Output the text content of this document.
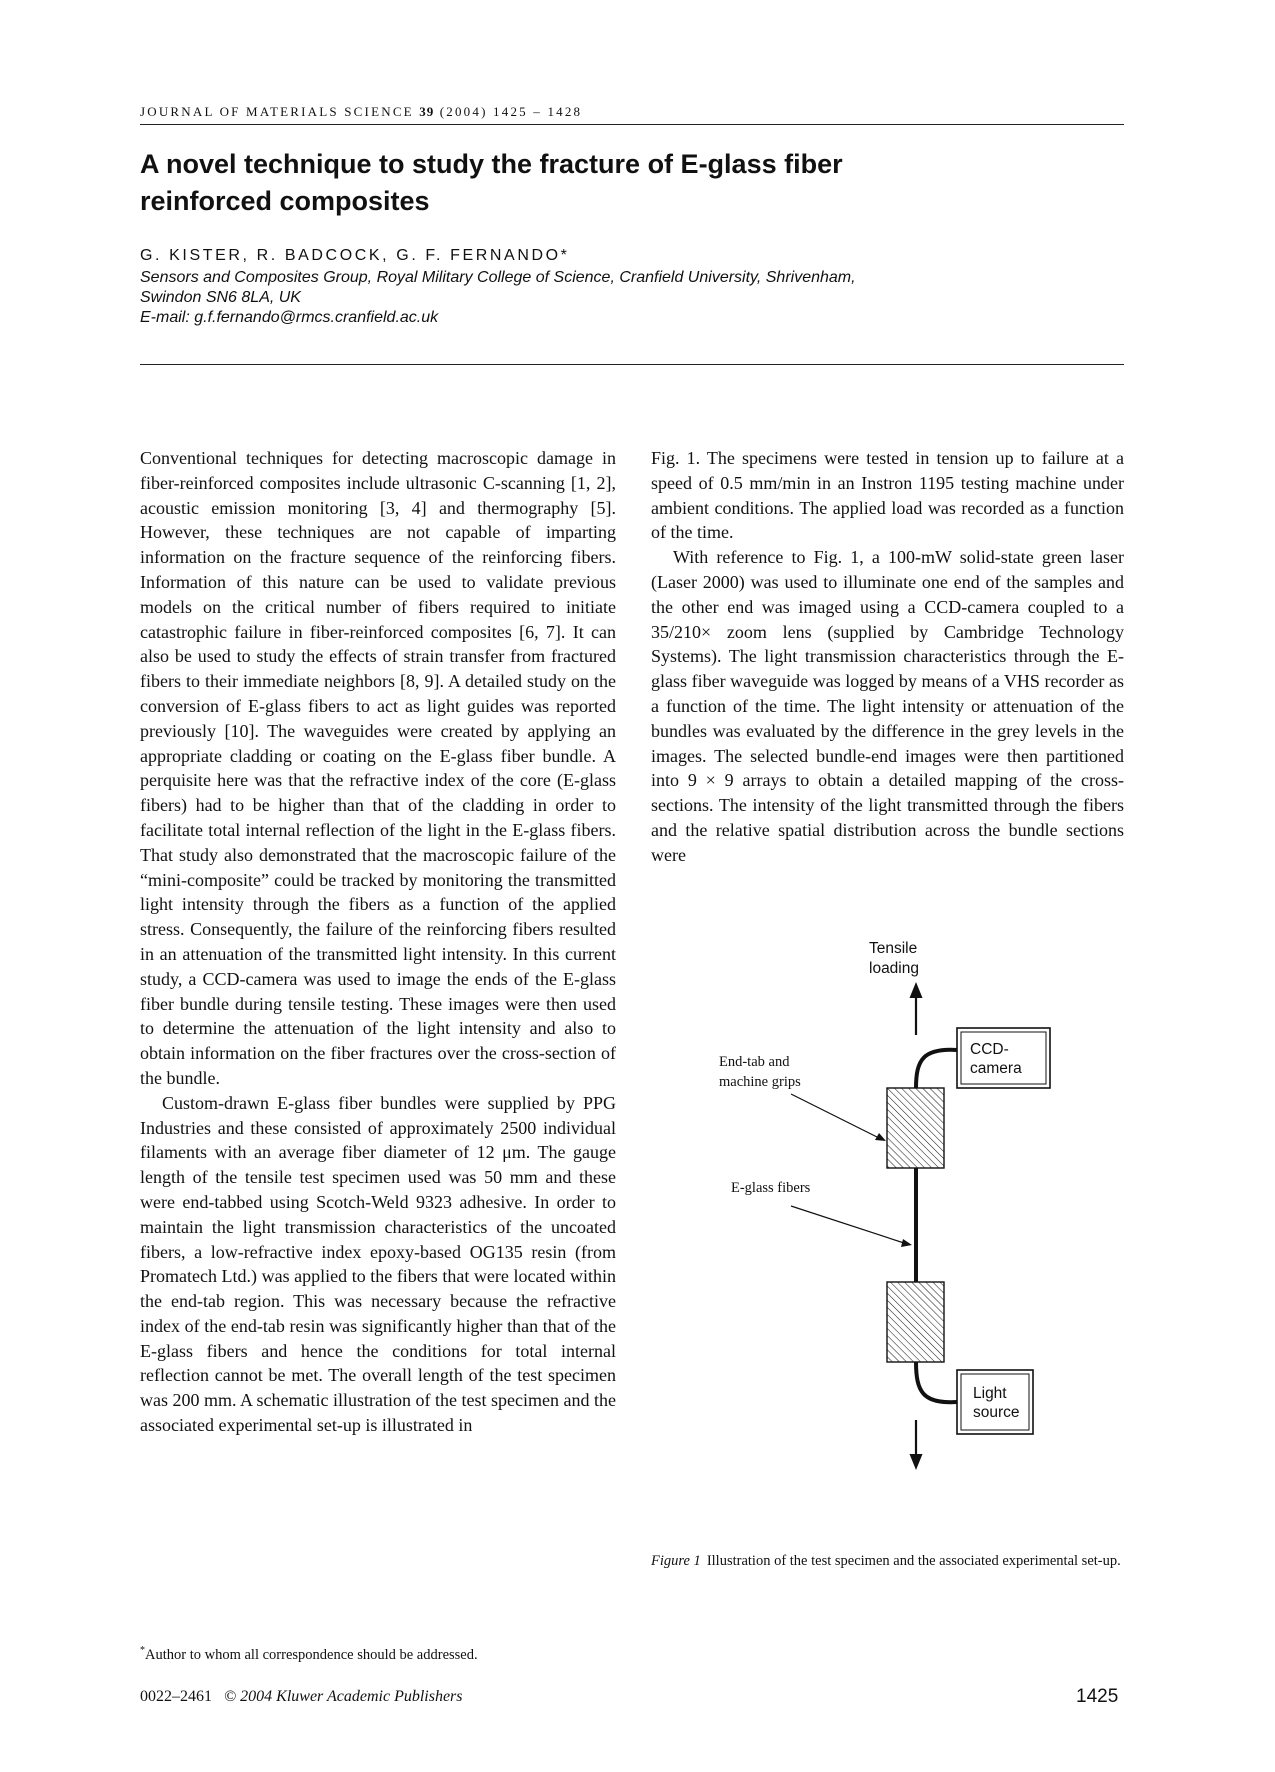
JOURNAL OF MATERIALS SCIENCE 39 (2004) 1425 – 1428
A novel technique to study the fracture of E-glass fiber reinforced composites
G. KISTER, R. BADCOCK, G. F. FERNANDO*
Sensors and Composites Group, Royal Military College of Science, Cranfield University, Shrivenham,
Swindon SN6 8LA, UK
E-mail: g.f.fernando@rmcs.cranfield.ac.uk

Conventional techniques for detecting macroscopic damage in fiber-reinforced composites include ultrasonic C-scanning [1, 2], acoustic emission monitoring [3, 4] and thermography [5]. However, these techniques are not capable of imparting information on the fracture sequence of the reinforcing fibers. Information of this nature can be used to validate previous models on the critical number of fibers required to initiate catastrophic failure in fiber-reinforced composites [6, 7]. It can also be used to study the effects of strain transfer from fractured fibers to their immediate neighbors [8, 9]. A detailed study on the conversion of E-glass fibers to act as light guides was reported previously [10]. The waveguides were created by applying an appropriate cladding or coating on the E-glass fiber bundle. A perquisite here was that the refractive index of the core (E-glass fibers) had to be higher than that of the cladding in order to facilitate total internal reflection of the light in the E-glass fibers. That study also demonstrated that the macroscopic failure of the “mini-composite” could be tracked by monitoring the transmitted light intensity through the fibers as a function of the applied stress. Consequently, the failure of the reinforcing fibers resulted in an attenuation of the transmitted light intensity. In this current study, a CCD-camera was used to image the ends of the E-glass fiber bundle during tensile testing. These images were then used to determine the attenuation of the light intensity and also to obtain information on the fiber fractures over the cross-section of the bundle.

Custom-drawn E-glass fiber bundles were supplied by PPG Industries and these consisted of approximately 2500 individual filaments with an average fiber diameter of 12 μm. The gauge length of the tensile test specimen used was 50 mm and these were end-tabbed using Scotch-Weld 9323 adhesive. In order to maintain the light transmission characteristics of the uncoated fibers, a low-refractive index epoxy-based OG135 resin (from Promatech Ltd.) was applied to the fibers that were located within the end-tab region. This was necessary because the refractive index of the end-tab resin was significantly higher than that of the E-glass fibers and hence the conditions for total internal reflection cannot be met. The overall length of the test specimen was 200 mm. A schematic illustration of the test specimen and the associated experimental set-up is illustrated in

Fig. 1. The specimens were tested in tension up to failure at a speed of 0.5 mm/min in an Instron 1195 testing machine under ambient conditions. The applied load was recorded as a function of the time.

With reference to Fig. 1, a 100-mW solid-state green laser (Laser 2000) was used to illuminate one end of the samples and the other end was imaged using a CCD-camera coupled to a 35/210× zoom lens (supplied by Cambridge Technology Systems). The light transmission characteristics through the E-glass fiber waveguide was logged by means of a VHS recorder as a function of the time. The light intensity or attenuation of the bundles was evaluated by the difference in the grey levels in the images. The selected bundle-end images were then partitioned into 9 × 9 arrays to obtain a detailed mapping of the cross-sections. The intensity of the light transmitted through the fibers and the relative spatial distribution across the bundle sections were

Tensile
loading
CCD-
camera
Light
source
End-tab and
machine grips
E-glass fibers
Figure 1 Illustration of the test specimen and the associated experimental set-up.
*Author to whom all correspondence should be addressed.
0022–2461 © 2004 Kluwer Academic Publishers	1425
